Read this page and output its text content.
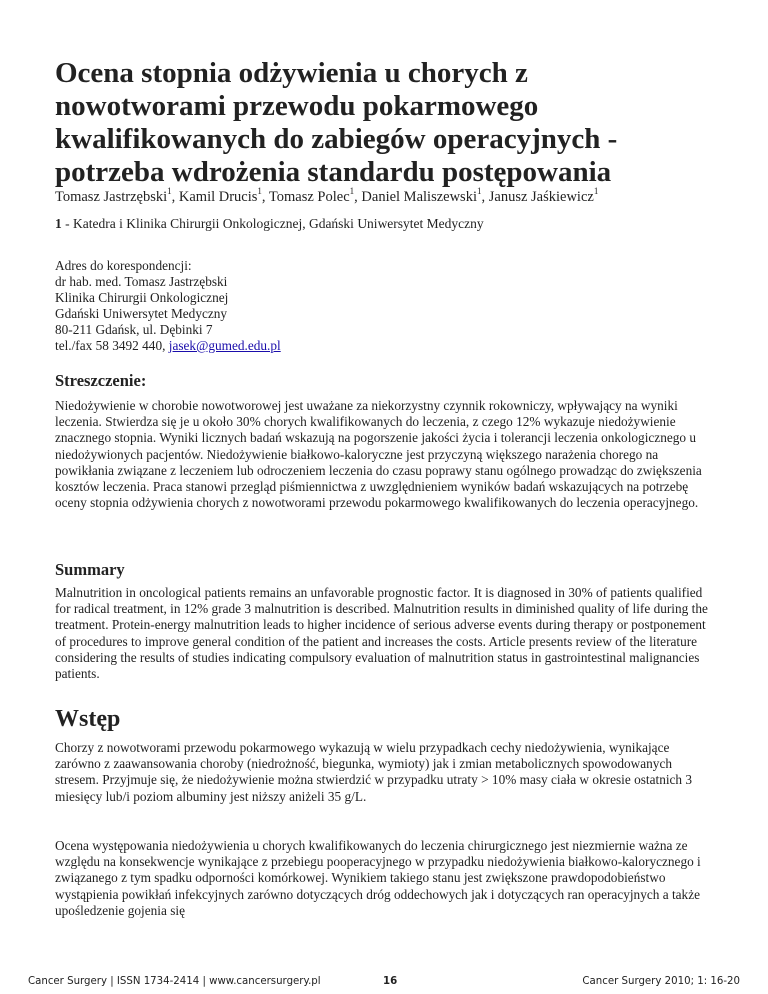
Ocena stopnia odżywienia u chorych z nowotworami przewodu pokarmowego kwalifikowanych do zabiegów operacyjnych - potrzeba wdrożenia standardu postępowania
Tomasz Jastrzębski$^1$, Kamil Drucis$^1$, Tomasz Polec$^1$, Daniel Maliszewski$^1$, Janusz Jaśkiewicz$^1$
1 - Katedra i Klinika Chirurgii Onkologicznej, Gdański Uniwersytet Medyczny
Adres do korespondencji:
dr hab. med. Tomasz Jastrzębski
Klinika Chirurgii Onkologicznej
Gdański Uniwersytet Medyczny
80-211 Gdańsk, ul. Dębinki 7
tel./fax 58 3492 440, jasek@gumed.edu.pl
Streszczenie:

Niedożywienie w chorobie nowotworowej jest uważane za niekorzystny czynnik rokowniczy, wpływający na wyniki leczenia. Stwierdza się je u około 30% chorych kwalifikowanych do leczenia, z czego 12% wykazuje niedożywienie znacznego stopnia. Wyniki licznych badań wskazują na pogorszenie jakości życia i tolerancji leczenia onkologicznego u niedożywionych pacjentów. Niedożywienie białkowo-kaloryczne jest przyczyną większego narażenia chorego na powikłania związane z leczeniem lub odroczeniem leczenia do czasu poprawy stanu ogólnego prowadząc do zwiększenia kosztów leczenia. Praca stanowi przegląd piśmiennictwa z uwzględnieniem wyników badań wskazujących na potrzebę oceny stopnia odżywienia chorych z nowotworami przewodu pokarmowego kwalifikowanych do leczenia operacyjnego.

Summary

Malnutrition in oncological patients remains an unfavorable prognostic factor. It is diagnosed in 30% of patients qualified for radical treatment, in 12% grade 3 malnutrition is described. Malnutrition results in diminished quality of life during the treatment. Protein-energy malnutrition leads to higher incidence of serious adverse events during therapy or postponement of procedures to improve general condition of the patient and increases the costs. Article presents review of the literature considering the results of studies indicating compulsory evaluation of malnutrition status in gastrointestinal malignancies patients.

Wstęp

Chorzy z nowotworami przewodu pokarmowego wykazują w wielu przypadkach cechy niedożywienia, wynikające zarówno z zaawansowania choroby (niedrożność, biegunka, wymioty) jak i zmian metabolicznych spowodowanych stresem. Przyjmuje się, że niedożywienie można stwierdzić w przypadku utraty > 10% masy ciała w okresie ostatnich 3 miesięcy lub/i poziom albuminy jest niższy aniżeli 35 g/L.

Ocena występowania niedożywienia u chorych kwalifikowanych do leczenia chirurgicznego jest niezmiernie ważna ze względu na konsekwencje wynikające z przebiegu pooperacyjnego w przypadku niedożywienia białkowo-kalorycznego i związanego z tym spadku odporności komórkowej. Wynikiem takiego stanu jest zwiększone prawdopodobieństwo wystąpienia powikłań infekcyjnych zarówno dotyczących dróg oddechowych jak i dotyczących ran operacyjnych a także upośledzenie gojenia się

Cancer Surgery | ISSN 1734-2414 | www.cancersurgery.pl	16	Cancer Surgery 2010; 1: 16-20
